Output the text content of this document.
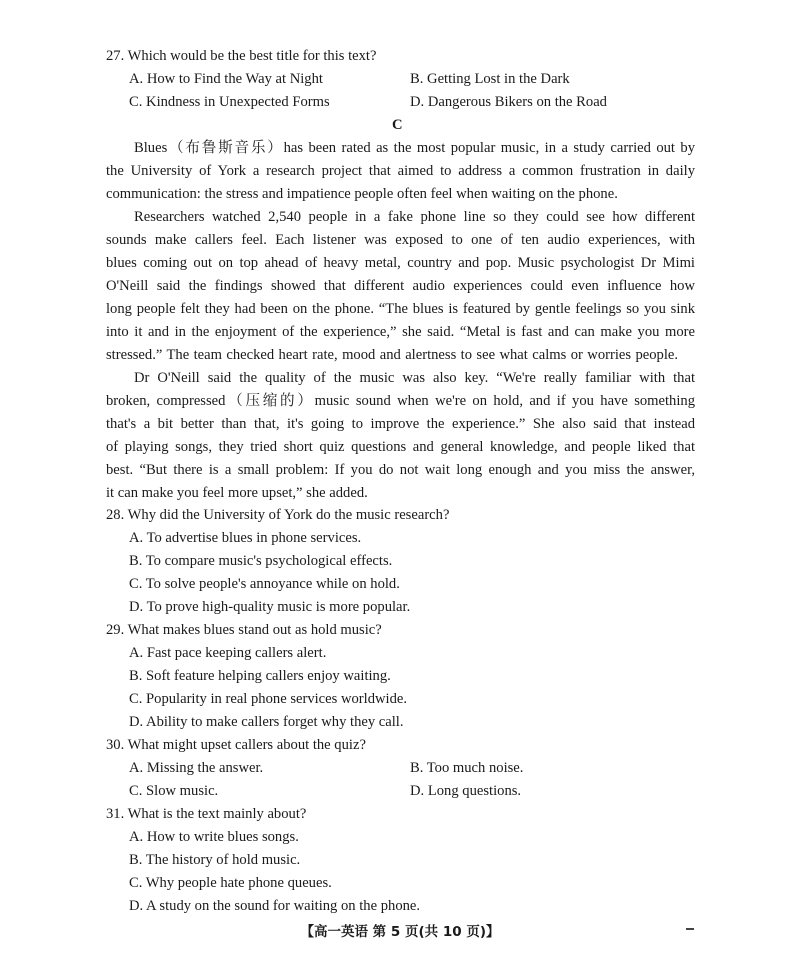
27. Which would be the best title for this text?
A. How to Find the Way at Night	B. Getting Lost in the Dark
C. Kindness in Unexpected Forms	D. Dangerous Bikers on the Road
C
Blues（布鲁斯音乐）has been rated as the most popular music, in a study carried out by
the University of York a research project that aimed to address a common frustration in daily
communication: the stress and impatience people often feel when waiting on the phone.
Researchers watched 2,540 people in a fake phone line so they could see how different
sounds make callers feel. Each listener was exposed to one of ten audio experiences, with
blues coming out on top ahead of heavy metal, country and pop. Music psychologist Dr Mimi
O'Neill said the findings showed that different audio experiences could even influence how
long people felt they had been on the phone. “The blues is featured by gentle feelings so you sink
into it and in the enjoyment of the experience,” she said. “Metal is fast and can make you more
stressed.” The team checked heart rate, mood and alertness to see what calms or worries people.
Dr O'Neill said the quality of the music was also key. “We're really familiar with that
broken, compressed（压缩的）music sound when we're on hold, and if you have something
that's a bit better than that, it's going to improve the experience.” She also said that instead
of playing songs, they tried short quiz questions and general knowledge, and people liked that
best. “But there is a small problem: If you do not wait long enough and you miss the answer,
it can make you feel more upset,” she added.
28. Why did the University of York do the music research?
A. To advertise blues in phone services.
B. To compare music's psychological effects.
C. To solve people's annoyance while on hold.
D. To prove high-quality music is more popular.
29. What makes blues stand out as hold music?
A. Fast pace keeping callers alert.
B. Soft feature helping callers enjoy waiting.
C. Popularity in real phone services worldwide.
D. Ability to make callers forget why they call.
30. What might upset callers about the quiz?
A. Missing the answer.	B. Too much noise.
C. Slow music.	D. Long questions.
31. What is the text mainly about?
A. How to write blues songs.
B. The history of hold music.
C. Why people hate phone queues.
D. A study on the sound for waiting on the phone.
【高一英语 第 5 页(共 10 页)】
